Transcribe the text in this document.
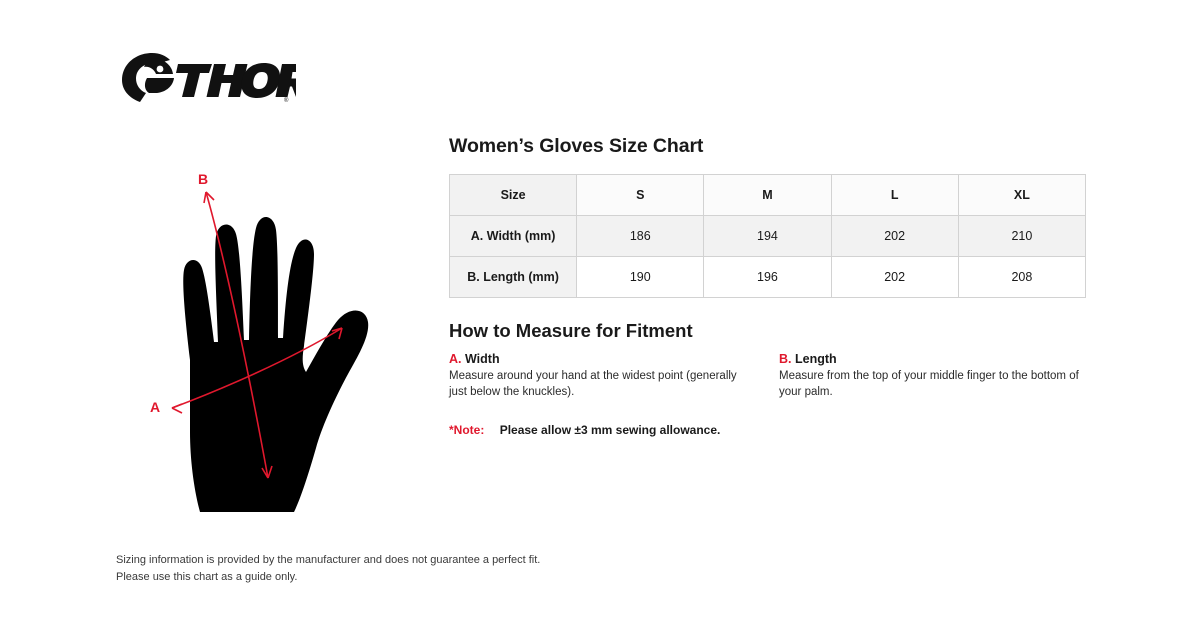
®
A
B
Women’s Gloves Size Chart
Size	S	M	L	XL
A. Width (mm)	186	194	202	210
B. Length (mm)	190	196	202	208
How to Measure for Fitment
A. Width
Measure around your hand at the widest point (generally just below the knuckles).
B. Length
Measure from the top of your middle finger to the bottom of your palm.
*Note: Please allow ±3 mm sewing allowance.
Sizing information is provided by the manufacturer and does not guarantee a perfect fit.
Please use this chart as a guide only.
